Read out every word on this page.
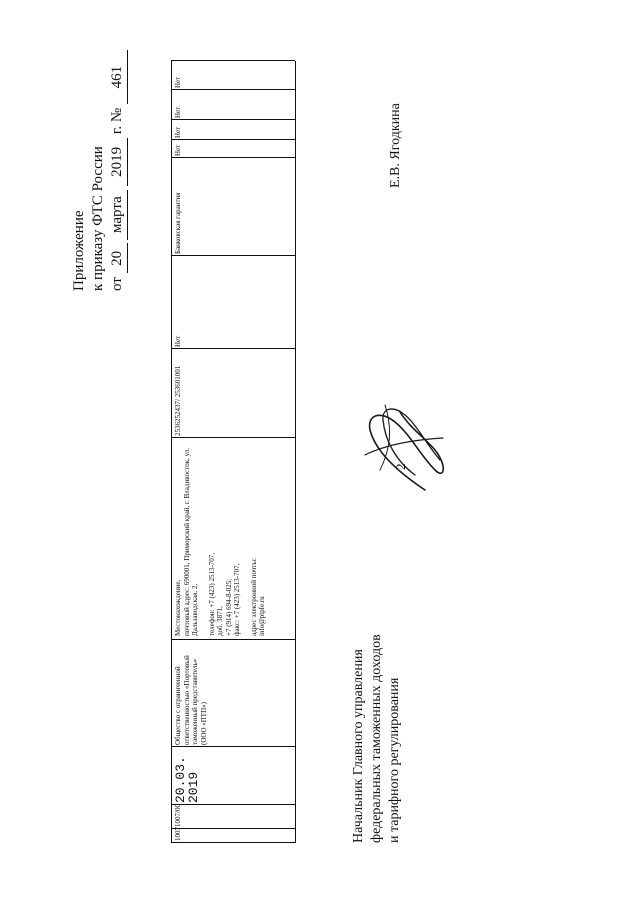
2
Приложение к приказу ФТС России от 20 марта 2019 г. № 461
1007
1007/00
20.03.
2019
Общество с ограниченной ответственностью «Портовый таможенный представитель» (ООО «ПТП»)

Местонахождение, почтовый адрес: 690001, Приморский край, г. Владивосток, ул. Дальзаводская, 2, телефон: +7 (423) 2513-707, доб. 3871, +7 (914) 694-8-025; факс: +7 (423) 2513-707, адрес электронной почты: info@ptpfe.ru

2536252437/ 253601001
Нет
Банковская гарантия
Нет
Нет
Нет
Нет
Начальник Главного управления федеральных таможенных доходов и тарифного регулирования
Е.В. Ягодкина
